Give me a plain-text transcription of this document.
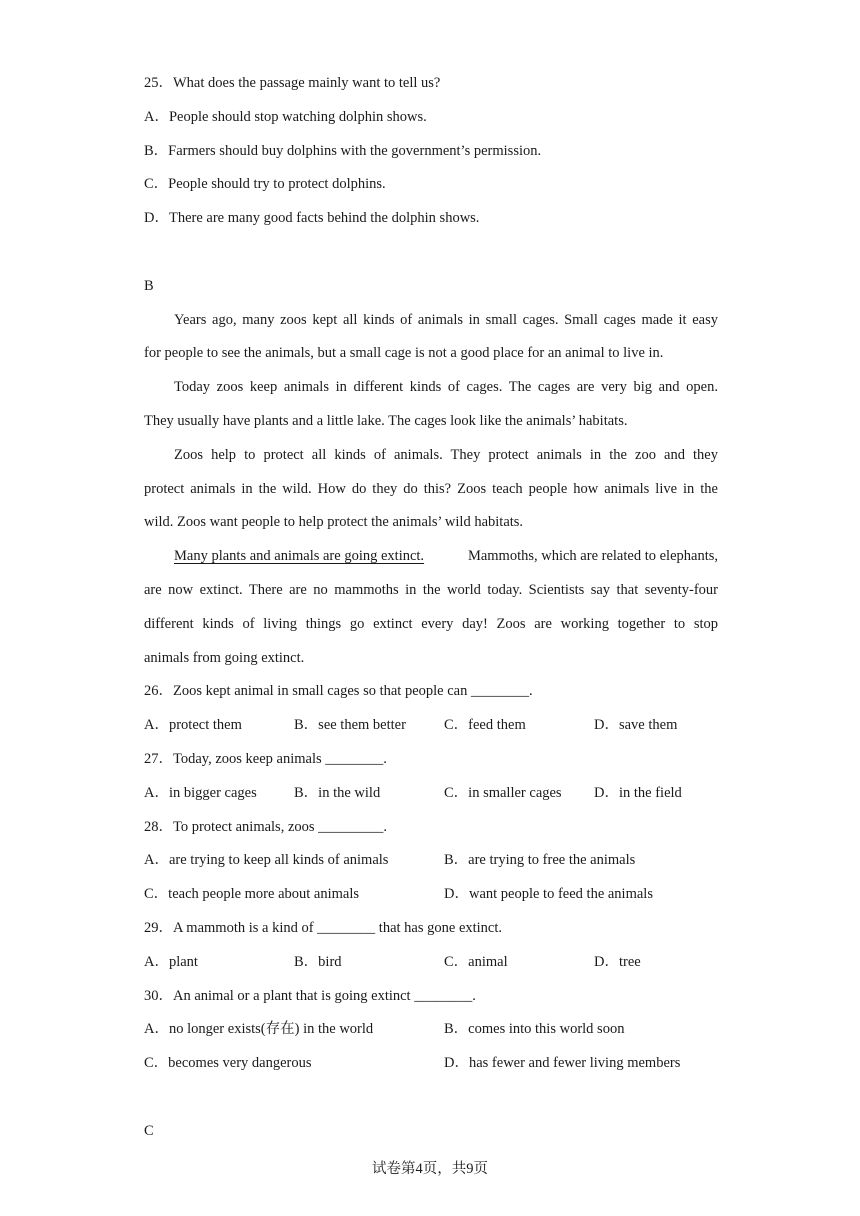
25．What does the passage mainly want to tell us?
A．People should stop watching dolphin shows.
B．Farmers should buy dolphins with the government’s permission.
C．People should try to protect dolphins.
D．There are many good facts behind the dolphin shows.
B
Years ago, many zoos kept all kinds of animals in small cages. Small cages made it easy
for people to see the animals, but a small cage is not a good place for an animal to live in.
Today zoos keep animals in different kinds of cages. The cages are very big and open.
They usually have plants and a little lake. The cages look like the animals’ habitats.
Zoos help to protect all kinds of animals. They protect animals in the zoo and they
protect animals in the wild. How do they do this? Zoos teach people how animals live in the
wild. Zoos want people to help protect the animals’ wild habitats.
Many plants and animals are going extinct.	Mammoths, which are related to elephants,
are now extinct. There are no mammoths in the world today. Scientists say that seventy-four
different kinds of living things go extinct every day! Zoos are working together to stop
animals from going extinct.
26．Zoos kept animal in small cages so that people can ________.
A．protect them	B．see them better	C．feed them	D．save them
27．Today, zoos keep animals ________.
A．in bigger cages	B．in the wild	C．in smaller cages D．in the field
28．To protect animals, zoos _________.
A．are trying to keep all kinds of animals	B．are trying to free the animals
C．teach people more about animals	D．want people to feed the animals
29．A mammoth is a kind of ________ that has gone extinct.
A．plant	B．bird	C．animal	D．tree
30．An animal or a plant that is going extinct ________.
A．no longer exists(存在) in the world	B．comes into this world soon
C．becomes very dangerous	D．has fewer and fewer living members
C
试卷第4页，共9页
